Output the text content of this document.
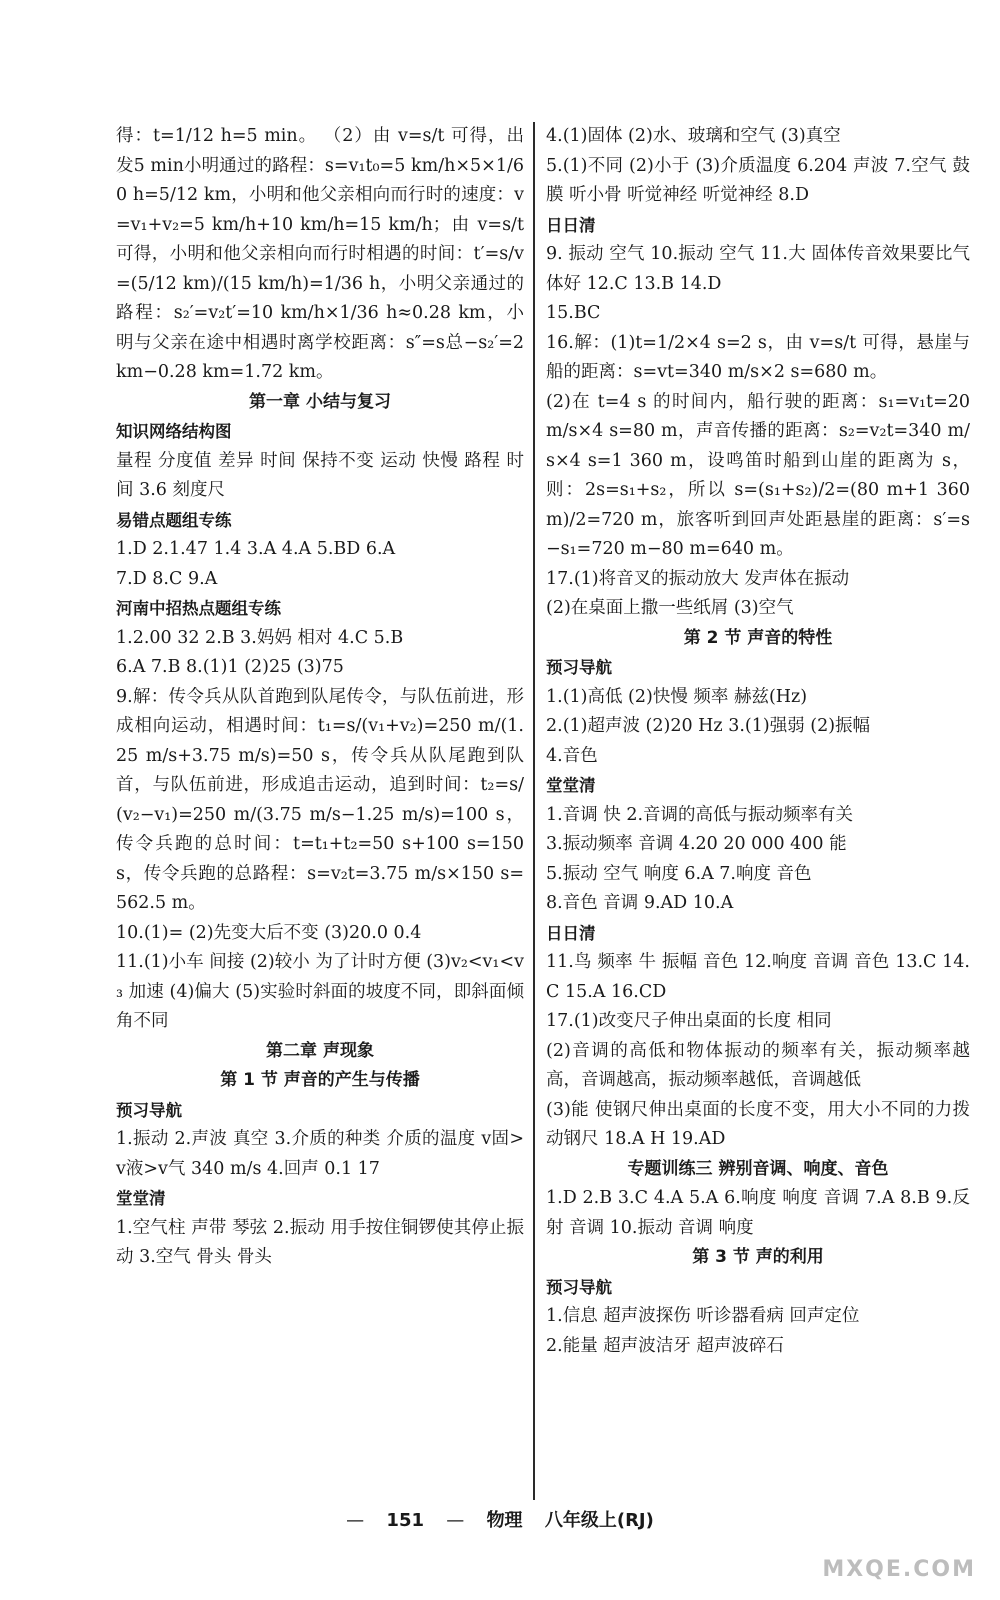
得：t=1/12 h=5 min。 （2）由 v=s/t 可得，出发5 min小明通过的路程：s=v₁t₀=5 km/h×5×1/60 h=5/12 km，小明和他父亲相向而行时的速度：v=v₁+v₂=5 km/h+10 km/h=15 km/h；由 v=s/t 可得，小明和他父亲相向而行时相遇的时间：t′=s/v=(5/12 km)/(15 km/h)=1/36 h，小明父亲通过的路程：s₂′=v₂t′=10 km/h×1/36 h≈0.28 km，小明与父亲在途中相遇时离学校距离：s″=s总−s₂′=2 km−0.28 km=1.72 km。

第一章 小结与复习

知识网络结构图

量程 分度值 差异 时间 保持不变 运动 快慢 路程 时间 3.6 刻度尺

易错点题组专练

1.D 2.1.47 1.4 3.A 4.A 5.BD 6.A

7.D 8.C 9.A

河南中招热点题组专练

1.2.00 32 2.B 3.妈妈 相对 4.C 5.B

6.A 7.B 8.(1)1 (2)25 (3)75

9.解：传令兵从队首跑到队尾传令，与队伍前进，形成相向运动，相遇时间：t₁=s/(v₁+v₂)=250 m/(1.25 m/s+3.75 m/s)=50 s，传令兵从队尾跑到队首，与队伍前进，形成追击运动，追到时间：t₂=s/(v₂−v₁)=250 m/(3.75 m/s−1.25 m/s)=100 s，传令兵跑的总时间：t=t₁+t₂=50 s+100 s=150 s，传令兵跑的总路程：s=v₂t=3.75 m/s×150 s=562.5 m。

10.(1)= (2)先变大后不变 (3)20.0 0.4

11.(1)小车 间接 (2)较小 为了计时方便 (3)v₂<v₁<v₃ 加速 (4)偏大 (5)实验时斜面的坡度不同，即斜面倾角不同

第二章 声现象

第 1 节 声音的产生与传播

预习导航

1.振动 2.声波 真空 3.介质的种类 介质的温度 v固>v液>v气 340 m/s 4.回声 0.1 17

堂堂清

1.空气柱 声带 琴弦 2.振动 用手按住铜锣使其停止振动 3.空气 骨头 骨头

4.(1)固体 (2)水、玻璃和空气 (3)真空

5.(1)不同 (2)小于 (3)介质温度 6.204 声波 7.空气 鼓膜 听小骨 听觉神经 听觉神经 8.D

日日清

9. 振动 空气 10.振动 空气 11.大 固体传音效果要比气体好 12.C 13.B 14.D

15.BC

16.解：(1)t=1/2×4 s=2 s，由 v=s/t 可得，悬崖与船的距离：s=vt=340 m/s×2 s=680 m。

(2)在 t=4 s 的时间内，船行驶的距离：s₁=v₁t=20 m/s×4 s=80 m，声音传播的距离：s₂=v₂t=340 m/s×4 s=1 360 m，设鸣笛时船到山崖的距离为 s，则：2s=s₁+s₂，所以 s=(s₁+s₂)/2=(80 m+1 360 m)/2=720 m，旅客听到回声处距悬崖的距离：s′=s−s₁=720 m−80 m=640 m。

17.(1)将音叉的振动放大 发声体在振动

(2)在桌面上撒一些纸屑 (3)空气

第 2 节 声音的特性

预习导航

1.(1)高低 (2)快慢 频率 赫兹(Hz)

2.(1)超声波 (2)20 Hz 3.(1)强弱 (2)振幅

4.音色

堂堂清

1.音调 快 2.音调的高低与振动频率有关

3.振动频率 音调 4.20 20 000 400 能

5.振动 空气 响度 6.A 7.响度 音色

8.音色 音调 9.AD 10.A

日日清

11.鸟 频率 牛 振幅 音色 12.响度 音调 音色 13.C 14.C 15.A 16.CD

17.(1)改变尺子伸出桌面的长度 相同

(2)音调的高低和物体振动的频率有关，振动频率越高，音调越高，振动频率越低，音调越低

(3)能 使钢尺伸出桌面的长度不变，用大小不同的力拨动钢尺 18.A H 19.AD

专题训练三 辨别音调、响度、音色

1.D 2.B 3.C 4.A 5.A 6.响度 响度 音调 7.A 8.B 9.反射 音调 10.振动 音调 响度

第 3 节 声的利用

预习导航

1.信息 超声波探伤 听诊器看病 回声定位

2.能量 超声波洁牙 超声波碎石

— 151 — 物理 八年级上(RJ)
MXQE.COM
